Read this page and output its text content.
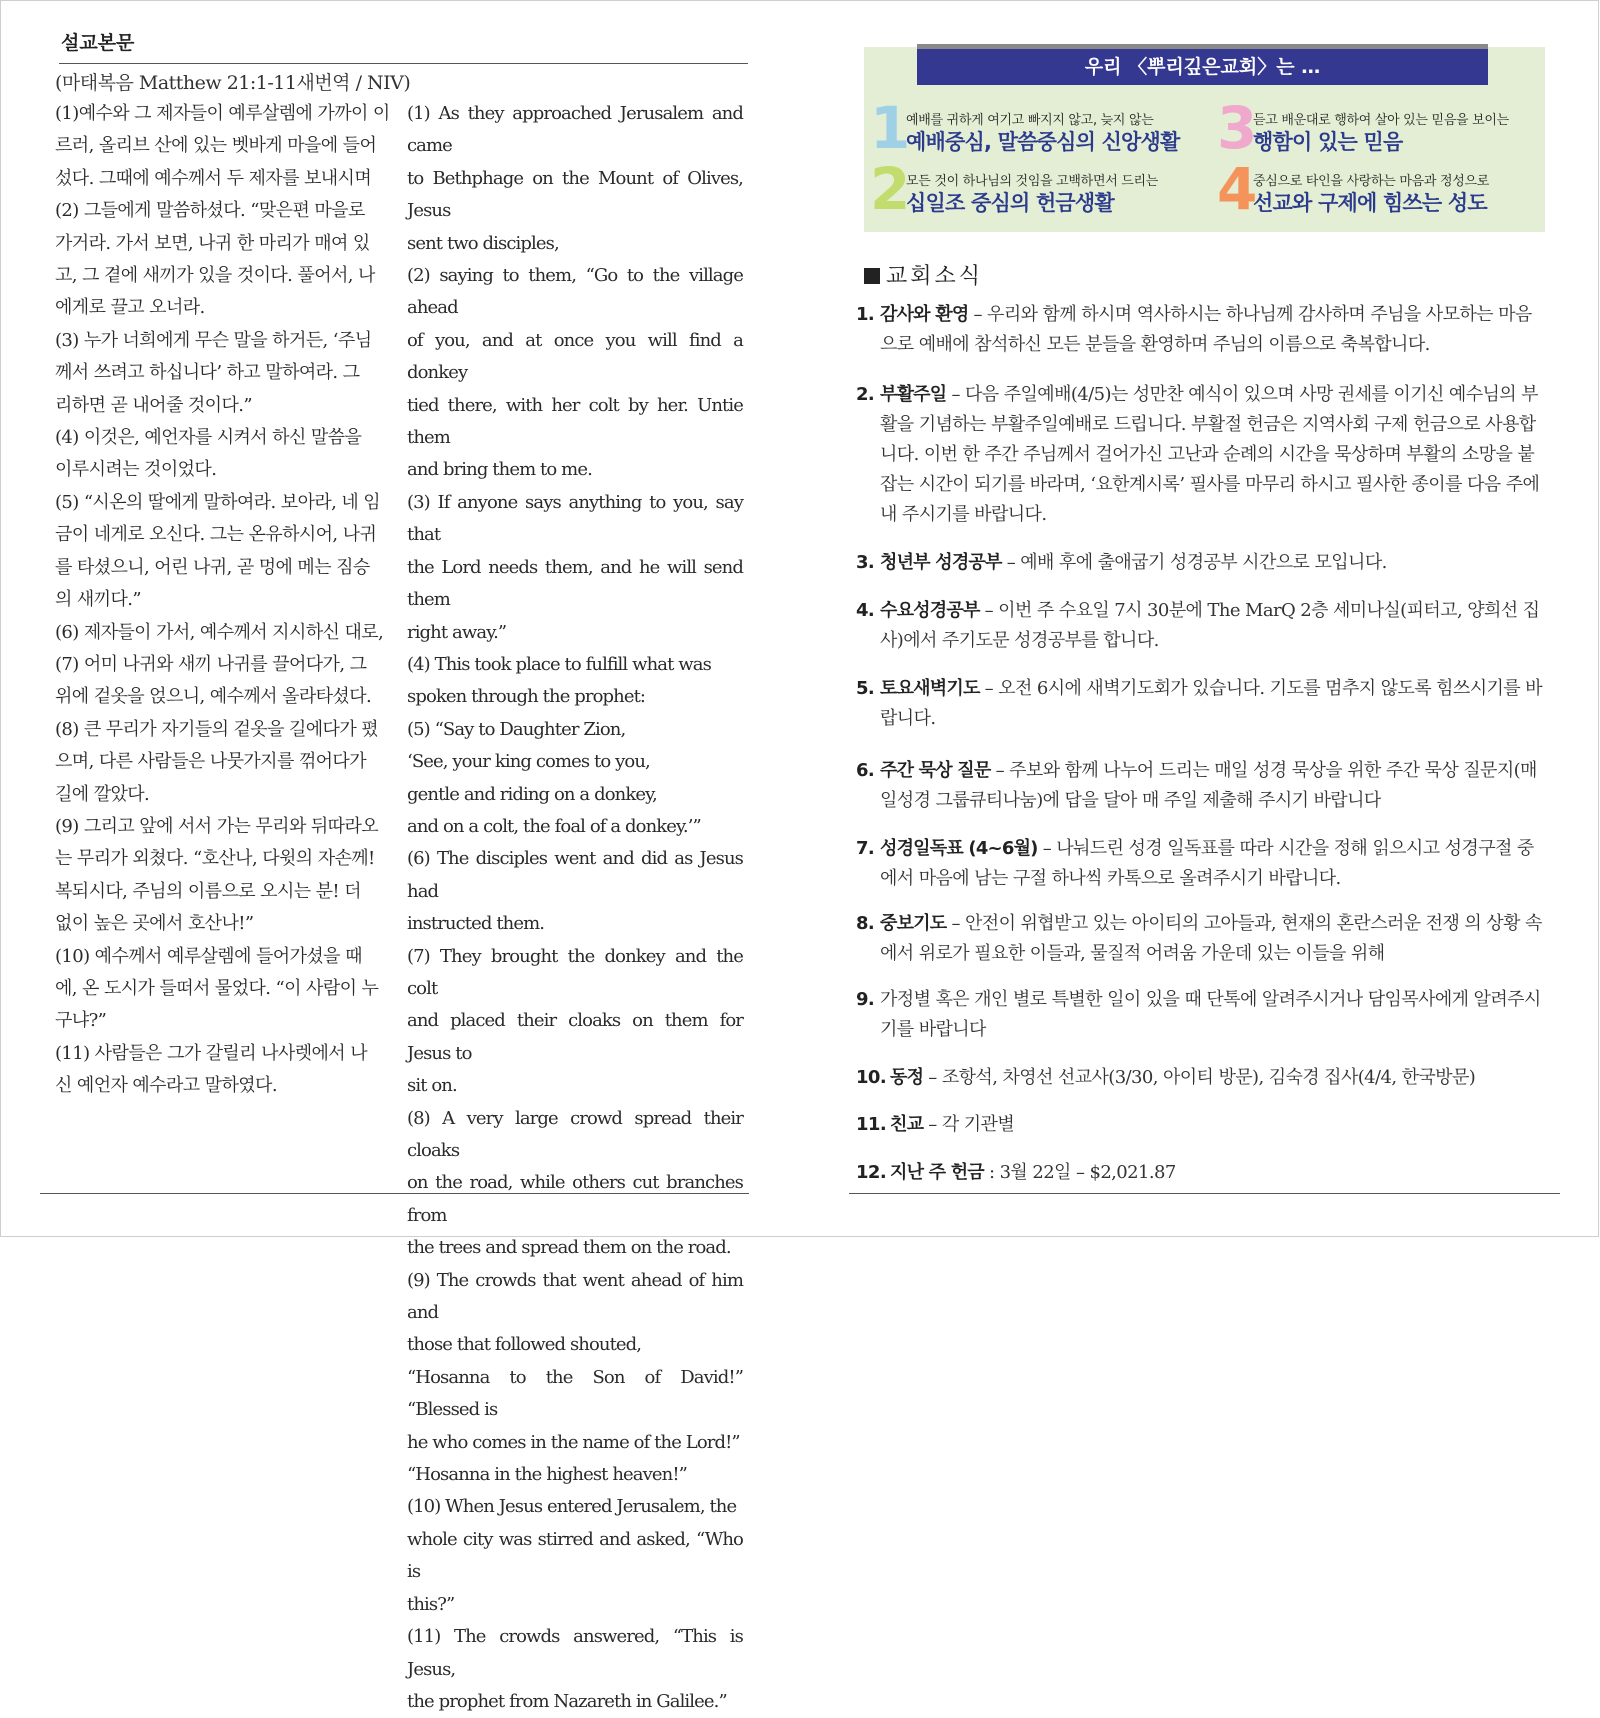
설교본문
(마태복음 Matthew 21:1-11새번역 / NIV)

(1)예수와 그 제자들이 예루살렘에 가까이 이

르러, 올리브 산에 있는 벳바게 마을에 들어

섰다. 그때에 예수께서 두 제자를 보내시며

(2) 그들에게 말씀하셨다. “맞은편 마을로

가거라. 가서 보면, 나귀 한 마리가 매여 있

고, 그 곁에 새끼가 있을 것이다. 풀어서, 나

에게로 끌고 오너라.

(3) 누가 너희에게 무슨 말을 하거든, ‘주님

께서 쓰려고 하십니다’ 하고 말하여라. 그

리하면 곧 내어줄 것이다.”

(4) 이것은, 예언자를 시켜서 하신 말씀을

이루시려는 것이었다.

(5) “시온의 딸에게 말하여라. 보아라, 네 임

금이 네게로 오신다. 그는 온유하시어, 나귀

를 타셨으니, 어린 나귀, 곧 멍에 메는 짐승

의 새끼다.”

(6) 제자들이 가서, 예수께서 지시하신 대로,

(7) 어미 나귀와 새끼 나귀를 끌어다가, 그

위에 겉옷을 얹으니, 예수께서 올라타셨다.

(8) 큰 무리가 자기들의 겉옷을 길에다가 폈

으며, 다른 사람들은 나뭇가지를 꺾어다가

길에 깔았다.

(9) 그리고 앞에 서서 가는 무리와 뒤따라오

는 무리가 외쳤다. “호산나, 다윗의 자손께!

복되시다, 주님의 이름으로 오시는 분! 더

없이 높은 곳에서 호산나!”

(10) 예수께서 예루살렘에 들어가셨을 때

에, 온 도시가 들떠서 물었다. “이 사람이 누

구냐?”

(11) 사람들은 그가 갈릴리 나사렛에서 나

신 예언자 예수라고 말하였다.

(1) As they approached Jerusalem and came

to Bethphage on the Mount of Olives, Jesus

sent two disciples,

(2) saying to them, “Go to the village ahead

of you, and at once you will find a donkey

tied there, with her colt by her. Untie them

and bring them to me.

(3) If anyone says anything to you, say that

the Lord needs them, and he will send them

right away.”

(4) This took place to fulfill what was

spoken through the prophet:

(5) “Say to Daughter Zion,

‘See, your king comes to you,

gentle and riding on a donkey,

and on a colt, the foal of a donkey.’”

(6) The disciples went and did as Jesus had

instructed them.

(7) They brought the donkey and the colt

and placed their cloaks on them for Jesus to

sit on.

(8) A very large crowd spread their cloaks

on the road, while others cut branches from

the trees and spread them on the road.

(9) The crowds that went ahead of him and

those that followed shouted,

“Hosanna to the Son of David!” “Blessed is

he who comes in the name of the Lord!”

“Hosanna in the highest heaven!”

(10) When Jesus entered Jerusalem, the

whole city was stirred and asked, “Who is

this?”

(11) The crowds answered, “This is Jesus,

the prophet from Nazareth in Galilee.”

우리 〈뿌리깊은교회〉는 …
1
예배를 귀하게 여기고 빠지지 않고, 늦지 않는
예배중심, 말씀중심의 신앙생활
2
모든 것이 하나님의 것임을 고백하면서 드리는
십일조 중심의 헌금생활
3
듣고 배운대로 행하여 살아 있는 믿음을 보이는
행함이 있는 믿음
4
중심으로 타인을 사랑하는 마음과 정성으로
선교와 구제에 힘쓰는 성도
교회소식
1. 감사와 환영 – 우리와 함께 하시며 역사하시는 하나님께 감사하며 주님을 사모하는 마음으로 예배에 참석하신 모든 분들을 환영하며 주님의 이름으로 축복합니다.
2. 부활주일 – 다음 주일예배(4/5)는 성만찬 예식이 있으며 사망 권세를 이기신 예수님의 부활을 기념하는 부활주일예배로 드립니다. 부활절 헌금은 지역사회 구제 헌금으로 사용합니다. 이번 한 주간 주님께서 걸어가신 고난과 순례의 시간을 묵상하며 부활의 소망을 붙잡는 시간이 되기를 바라며, ‘요한계시록’ 필사를 마무리 하시고 필사한 종이를 다음 주에 내 주시기를 바랍니다.
3. 청년부 성경공부 – 예배 후에 출애굽기 성경공부 시간으로 모입니다.
4. 수요성경공부 – 이번 주 수요일 7시 30분에 The MarQ 2층 세미나실(피터고, 양희선 집사)에서 주기도문 성경공부를 합니다.
5. 토요새벽기도 – 오전 6시에 새벽기도회가 있습니다. 기도를 멈추지 않도록 힘쓰시기를 바랍니다.
6. 주간 묵상 질문 – 주보와 함께 나누어 드리는 매일 성경 묵상을 위한 주간 묵상 질문지(매일성경 그룹큐티나눔)에 답을 달아 매 주일 제출해 주시기 바랍니다
7. 성경일독표 (4~6월) – 나눠드린 성경 일독표를 따라 시간을 정해 읽으시고 성경구절 중에서 마음에 남는 구절 하나씩 카톡으로 올려주시기 바랍니다.
8. 중보기도 – 안전이 위협받고 있는 아이티의 고아들과, 현재의 혼란스러운 전쟁 의 상황 속에서 위로가 필요한 이들과, 물질적 어려움 가운데 있는 이들을 위해
9. 가정별 혹은 개인 별로 특별한 일이 있을 때 단톡에 알려주시거나 담임목사에게 알려주시기를 바랍니다
10. 동정 – 조항석, 차영선 선교사(3/30, 아이티 방문), 김숙경 집사(4/4, 한국방문)
11. 친교 – 각 기관별
12. 지난 주 헌금 : 3월 22일 – $2,021.87
